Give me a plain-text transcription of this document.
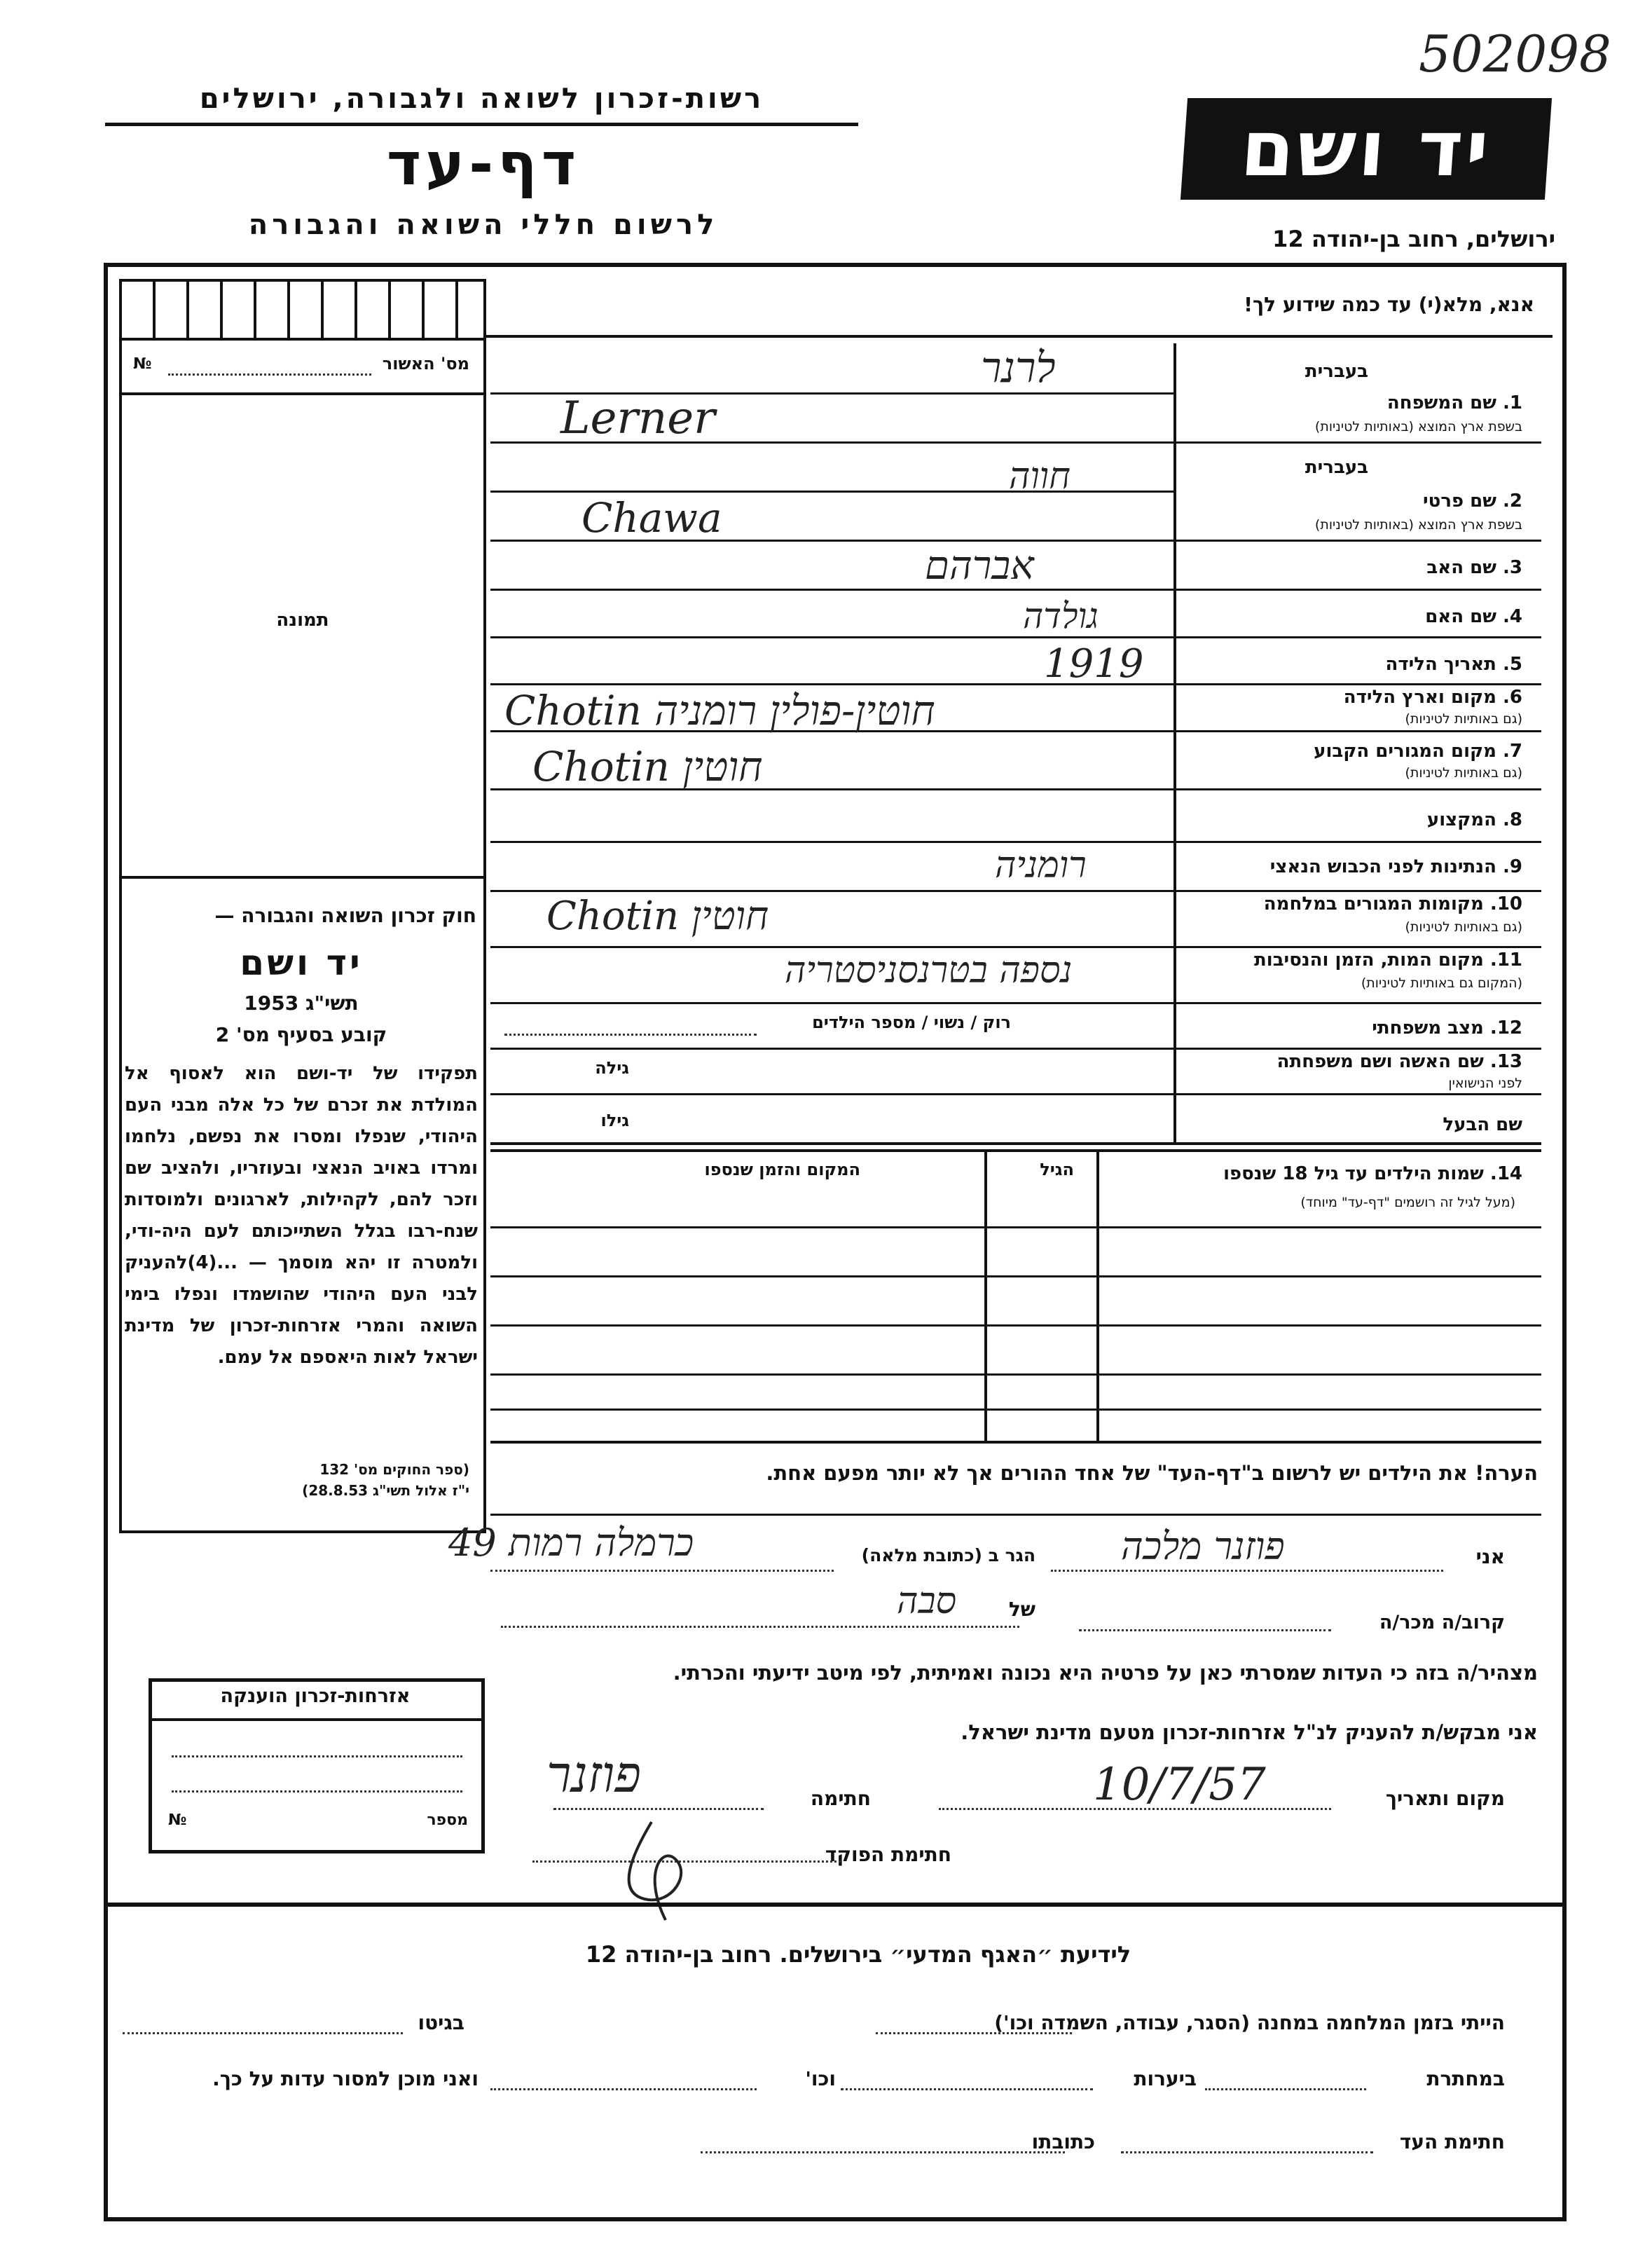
502098
רשות-זכרון לשואה ולגבורה, ירושלים
דף-עד
לרשום חללי השואה והגבורה
יד ושם
ירושלים, רחוב בן-יהודה 12
מס' האשור
№
תמונה
חוק זכרון השואה והגבורה —
יד ושם
תשי"ג 1953
קובע בסעיף מס' 2
תפקידו של יד-ושם הוא לאסוף אל המולדת את זכרם של כל אלה מבני העם היהודי, שנפלו ומסרו את נפשם, נלחמו ומרדו באויב הנאצי ובעוזריו, ולהציב שם וזכר להם, לקהילות, לארגונים ולמוסדות שנח-רבו בגלל השתייכותם לעם היה-ודי, ולמטרה זו יהא מוסמך — ...(4)להעניק לבני העם היהודי שהושמדו ונפלו בימי השואה והמרי אזרחות-זכרון של מדינת ישראל לאות היאספם אל עמם.
(ספר החוקים מס' 132
י"ז אלול תשי"ג 28.8.53)
אנא, מלא(י) עד כמה שידוע לך!
בעברית
1. שם המשפחה
בשפת ארץ המוצא (באותיות לטיניות)
לרנר
Lerner
בעברית
2. שם פרטי
בשפת ארץ המוצא (באותיות לטיניות)
חווה
Chawa
3. שם האב
אברהם
4. שם האם
גולדה
5. תאריך הלידה
1919
6. מקום וארץ הלידה
(גם באותיות לטיניות)
חוטין-פולין רומניה Chotin
7. מקום המגורים הקבוע
(גם באותיות לטיניות)
חוטין Chotin
8. המקצוע
9. הנתינות לפני הכבוש הנאצי
רומניה
10. מקומות המגורים במלחמה
(גם באותיות לטיניות)
חוטין Chotin
11. מקום המות, הזמן והנסיבות
(המקום גם באותיות לטיניות)
נספה בטרנסניסטריה
12. מצב משפחתי
רוק / נשוי / מספר הילדים
13. שם האשה ושם משפחתה
לפני הנישואין
גילה
שם הבעל
גילו
14. שמות הילדים עד גיל 18 שנספו
(מעל לגיל זה רושמים "דף-עד" מיוחד)
הגיל
המקום והזמן שנספו
הערה! את הילדים יש לרשום ב"דף-העד" של אחד ההורים אך לא יותר מפעם אחת.
אני
פוזנר מלכה
הגר ב (כתובת מלאה)
כרמלה רמות 49
קרוב/ה מכר/ה
של
סבה
מצהיר/ה בזה כי העדות שמסרתי כאן על פרטיה היא נכונה ואמיתית, לפי מיטב ידיעתי והכרתי.
אני מבקש/ת להעניק לנ"ל אזרחות-זכרון מטעם מדינת ישראל.
מקום ותאריך
10/7/57
חתימה
פוזנר
חתימת הפוקד
אזרחות-זכרון הוענקה
מספר
№
לידיעת ״האגף המדעי״ בירושלים. רחוב בן-יהודה 12
הייתי בזמן המלחמה במחנה (הסגר, עבודה, השמדה וכו')
בגיטו
במחתרת
ביערות
וכו'
ואני מוכן למסור עדות על כך.
חתימת העד
כתובתו
